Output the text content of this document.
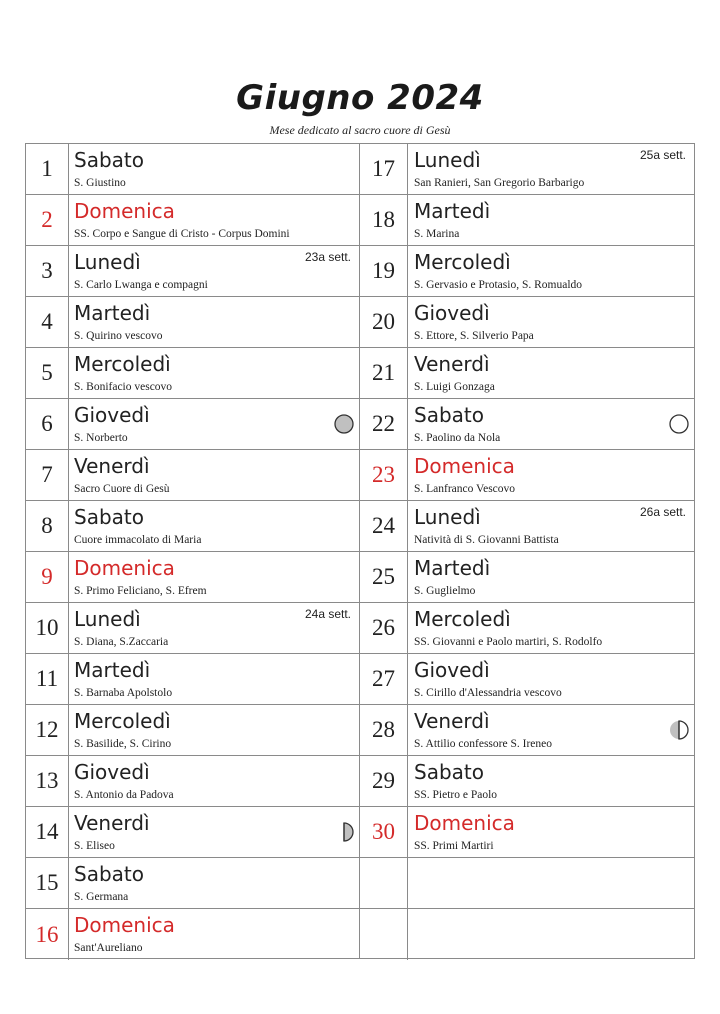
Giugno 2024
Mese dedicato al sacro cuore di Gesù
1	Sabato
S. Giustino
2	Domenica
SS. Corpo e Sangue di Cristo - Corpus Domini
3	Lunedì
S. Carlo Lwanga e compagni
23a sett.
4	Martedì
S. Quirino vescovo
5	Mercoledì
S. Bonifacio vescovo
6	Giovedì
S. Norberto
7	Venerdì
Sacro Cuore di Gesù
8	Sabato
Cuore immacolato di Maria
9	Domenica
S. Primo Feliciano, S. Efrem
10 Lunedì
S. Diana, S.Zaccaria
24a sett.
11 Martedì
S. Barnaba Apolstolo
12 Mercoledì
S. Basilide, S. Cirino
13 Giovedì
S. Antonio da Padova
14 Venerdì
S. Eliseo
15 Sabato
S. Germana
16 Domenica
Sant'Aureliano
17 Lunedì
San Ranieri, San Gregorio Barbarigo
25a sett.
18 Martedì
S. Marina
19 Mercoledì
S. Gervasio e Protasio, S. Romualdo
20 Giovedì
S. Ettore, S. Silverio Papa
21 Venerdì
S. Luigi Gonzaga
22 Sabato
S. Paolino da Nola
23 Domenica
S. Lanfranco Vescovo
24 Lunedì
Natività di S. Giovanni Battista
26a sett.
25 Martedì
S. Guglielmo
26 Mercoledì
SS. Giovanni e Paolo martiri, S. Rodolfo
27 Giovedì
S. Cirillo d'Alessandria vescovo
28 Venerdì
S. Attilio confessore S. Ireneo
29 Sabato
SS. Pietro e Paolo
30 Domenica
SS. Primi Martiri
